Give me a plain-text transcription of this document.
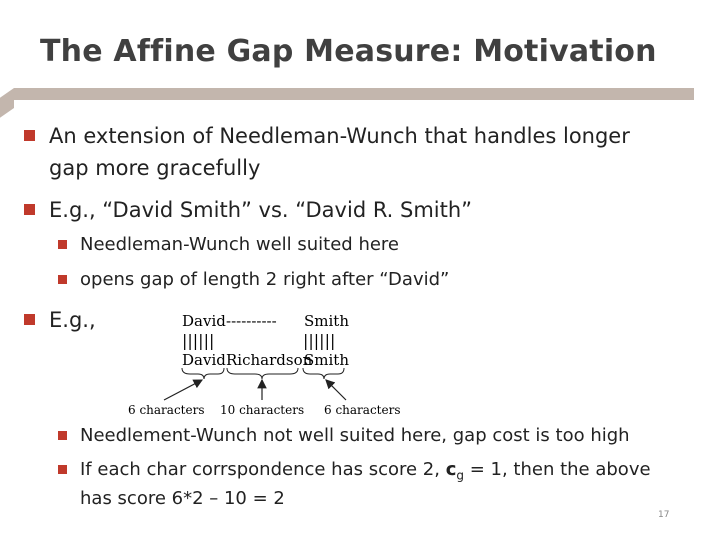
The Affine Gap Measure: Motivation
An extension of Needleman-Wunch that handles longer
gap more gracefully
E.g., “David Smith” vs. “David R. Smith”
Needleman-Wunch well suited here
opens gap of length 2 right after “David”
E.g.,	David ---------- Smith
||||||	||||||
David Richardson
Smith
6 characters 10 characters 6 characters
Needlement-Wunch not well suited here, gap cost is too high
If each char corrspondence has score 2, $c_g = 1$, then the above
has score 6*2 – 10 = 2
17
